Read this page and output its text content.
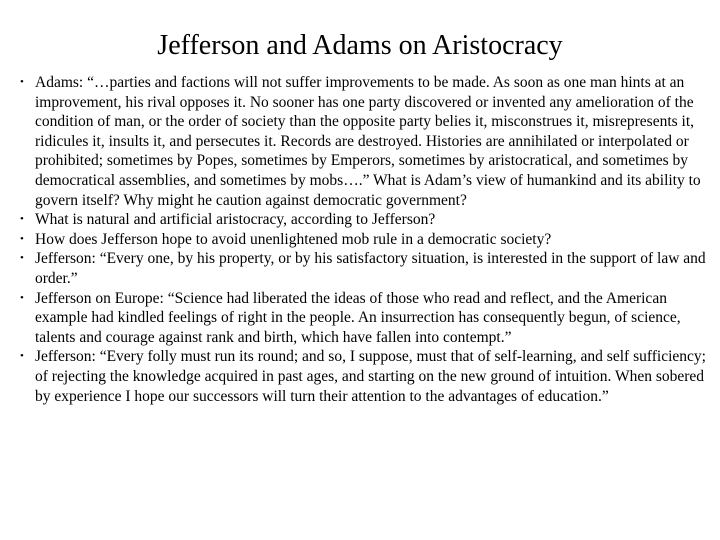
Jefferson and Adams on Aristocracy
• Adams: “…parties and factions will not suffer improvements to be made. As soon as one man hints at an improvement, his rival opposes it. No sooner has one party discovered or invented any amelioration of the condition of man, or the order of society than the opposite party belies it, misconstrues it, misrepresents it, ridicules it, insults it, and persecutes it. Records are destroyed. Histories are annihilated or interpolated or prohibited; sometimes by Popes, sometimes by Emperors, sometimes by aristocratical, and sometimes by democratical assemblies, and sometimes by mobs….” What is Adam’s view of humankind and its ability to govern itself? Why might he caution against democratic government?
• What is natural and artificial aristocracy, according to Jefferson?
• How does Jefferson hope to avoid unenlightened mob rule in a democratic society?
• Jefferson: “Every one, by his property, or by his satisfactory situation, is interested in the support of law and order.”
• Jefferson on Europe: “Science had liberated the ideas of those who read and reflect, and the American example had kindled feelings of right in the people. An insurrection has consequently begun, of science, talents and courage against rank and birth, which have fallen into contempt.”
• Jefferson: “Every folly must run its round; and so, I suppose, must that of self-learning, and self sufficiency; of rejecting the knowledge acquired in past ages, and starting on the new ground of intuition. When sobered by experience I hope our successors will turn their attention to the advantages of education.”
